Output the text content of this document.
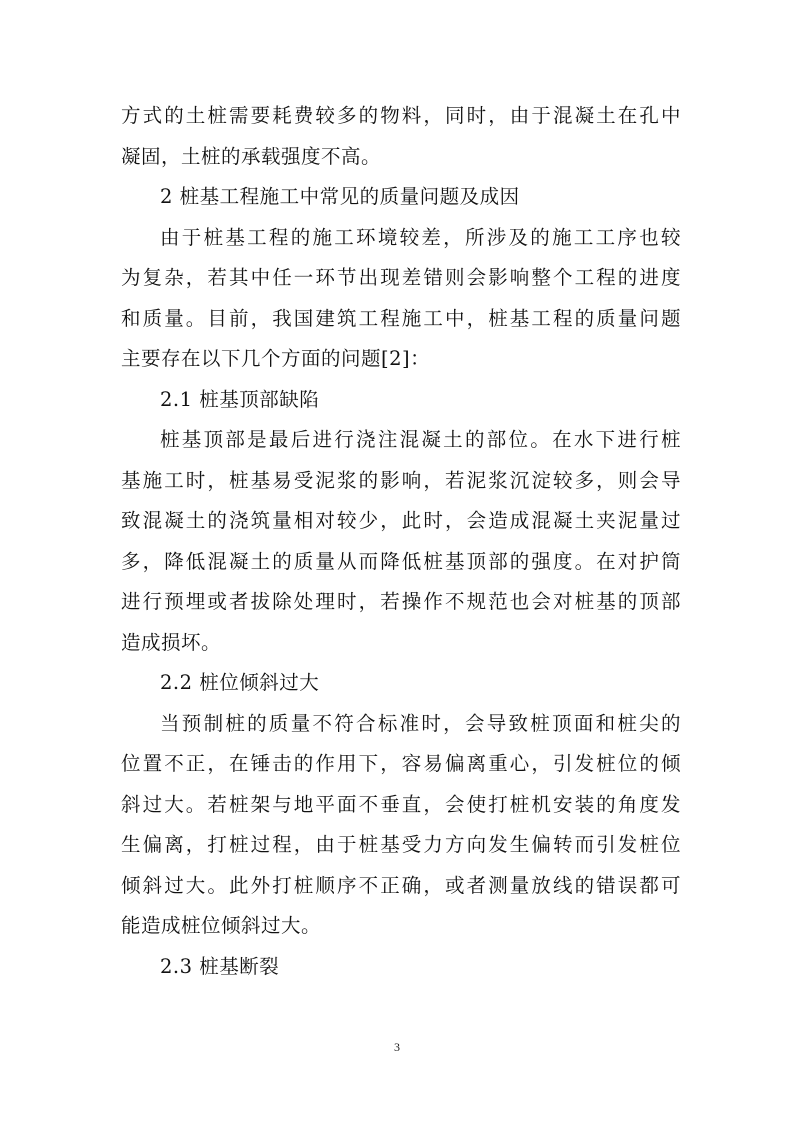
方式的土桩需要耗费较多的物料，同时，由于混凝土在孔中
凝固，土桩的承载强度不高。
2 桩基工程施工中常见的质量问题及成因
由于桩基工程的施工环境较差，所涉及的施工工序也较
为复杂，若其中任一环节出现差错则会影响整个工程的进度
和质量。目前，我国建筑工程施工中，桩基工程的质量问题
主要存在以下几个方面的问题[2]：
2.1 桩基顶部缺陷
桩基顶部是最后进行浇注混凝土的部位。在水下进行桩
基施工时，桩基易受泥浆的影响，若泥浆沉淀较多，则会导
致混凝土的浇筑量相对较少，此时，会造成混凝土夹泥量过
多，降低混凝土的质量从而降低桩基顶部的强度。在对护筒
进行预埋或者拔除处理时，若操作不规范也会对桩基的顶部
造成损坏。
2.2 桩位倾斜过大
当预制桩的质量不符合标准时，会导致桩顶面和桩尖的
位置不正，在锤击的作用下，容易偏离重心，引发桩位的倾
斜过大。若桩架与地平面不垂直，会使打桩机安装的角度发
生偏离，打桩过程，由于桩基受力方向发生偏转而引发桩位
倾斜过大。此外打桩顺序不正确，或者测量放线的错误都可
能造成桩位倾斜过大。
2.3 桩基断裂
3
